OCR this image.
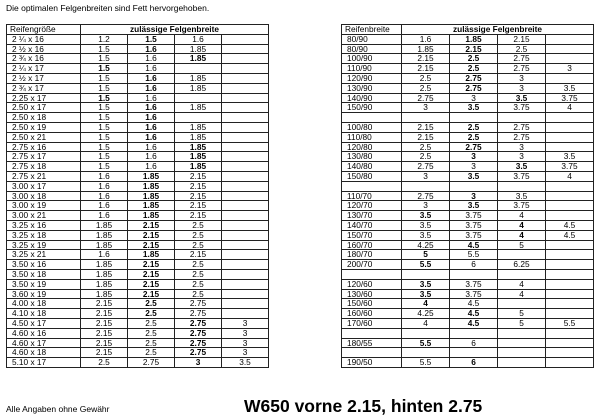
Die optimalen Felgenbreiten sind Fett hervorgehoben.
Reifengröße	zulässige Felgenbreite			
2 ¼ x 16	1.2	1.5	1.6	
2 ½ x 16	1.5	1.6	1.85	
2 ¾ x 16	1.5	1.6	1.85	
2 ¼ x 17	1.5	1.6		
2 ½ x 17	1.5	1.6	1.85	
2 ¾ x 17	1.5	1.6	1.85	
2.25 x 17	1.5	1.6		
2.50 x 17	1.5	1.6	1.85	
2.50 x 18	1.5	1.6		
2.50 x 19	1.5	1.6	1.85	
2.50 x 21	1.5	1.6	1.85	
2.75 x 16	1.5	1.6	1.85	
2.75 x 17	1.5	1.6	1.85	
2.75 x 18	1.5	1.6	1.85	
2.75 x 21	1.6	1.85	2.15	
3.00 x 17	1.6	1.85	2.15	
3.00 x 18	1.6	1.85	2.15	
3.00 x 19	1.6	1.85	2.15	
3.00 x 21	1.6	1.85	2.15	
3.25 x 16	1.85	2.15	2.5	
3.25 x 18	1.85	2.15	2.5	
3.25 x 19	1.85	2.15	2.5	
3.25 x 21	1.6	1.85	2.15	
3.50 x 16	1.85	2.15	2.5	
3.50 x 18	1.85	2.15	2.5	
3.50 x 19	1.85	2.15	2.5	
3.60 x 19	1.85	2.15	2.5	
4.00 x 18	2.15	2.5	2.75	
4.10 x 18	2.15	2.5	2.75	
4.50 x 17	2.15	2.5	2.75	3
4.60 x 16	2.15	2.5	2.75	3
4.60 x 17	2.15	2.5	2.75	3
4.60 x 18	2.15	2.5	2.75	3
5.10 x 17	2.5	2.75	3	3.5
Reifenbreite	zulässige Felgenbreite			
80/90	1.6	1.85	2.15	
80/90	1.85	2.15	2.5	
100/90	2.15	2.5	2.75	
110/90	2.15	2.5	2.75	3
120/90	2.5	2.75	3	
130/90	2.5	2.75	3	3.5
140/90	2.75	3	3.5	3.75
150/90	3	3.5	3.75	4

100/80	2.15	2.5	2.75	
110/80	2.15	2.5	2.75	
120/80	2.5	2.75	3	
130/80	2.5	3	3	3.5
140/80	2.75	3	3.5	3.75
150/80	3	3.5	3.75	4

110/70	2.75	3	3.5	
120/70	3	3.5	3.75	
130/70	3.5	3.75	4	
140/70	3.5	3.75	4	4.5
150/70	3.5	3.75	4	4.5
160/70	4.25	4.5	5	
180/70	5	5.5		
200/70	5.5	6	6.25	

120/60	3.5	3.75	4	
130/60	3.5	3.75	4	
150/60	4	4.5		
160/60	4.25	4.5	5	
170/60	4	4.5	5	5.5

180/55	5.5	6		

190/50	5.5	6		
Alle Angaben ohne Gewähr	W650 vorne 2.15, hinten 2.75
